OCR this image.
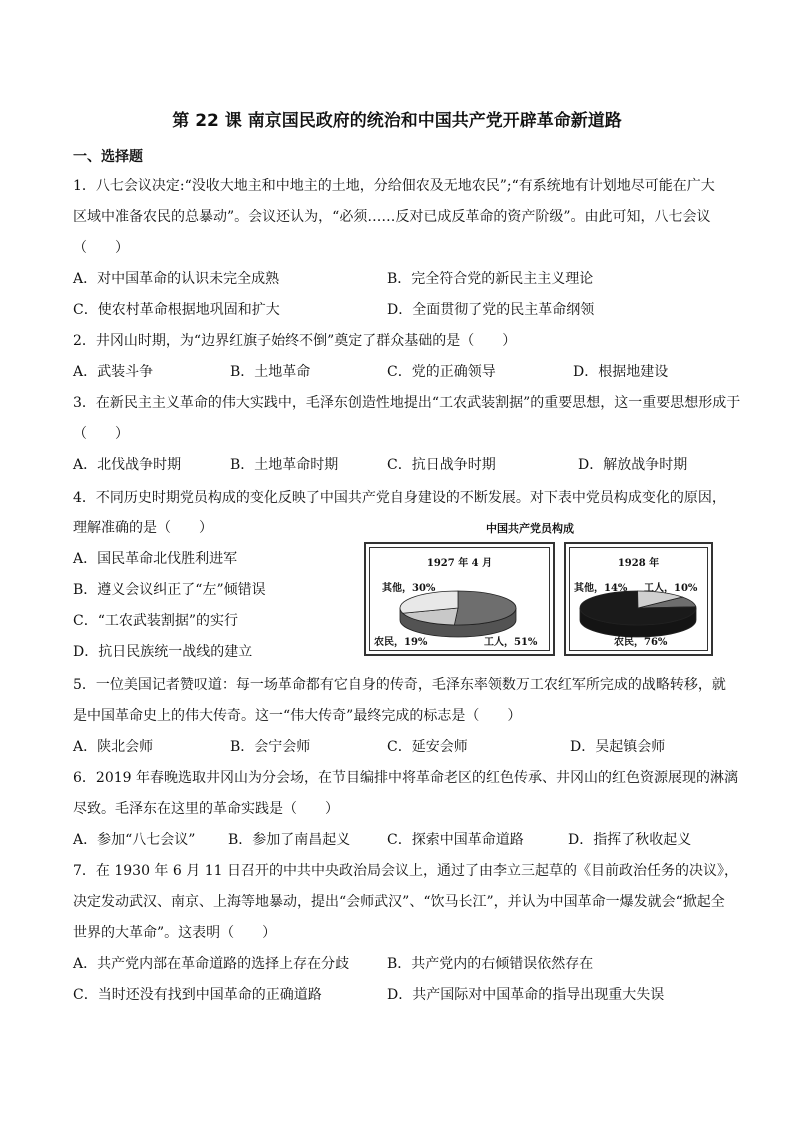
第 22 课 南京国民政府的统治和中国共产党开辟革命新道路
一、选择题
1．八七会议决定:“没收大地主和中地主的土地，分给佃农及无地农民”;“有系统地有计划地尽可能在广大
区域中准备农民的总暴动”。会议还认为，“必须……反对已成反革命的资产阶级”。由此可知，八七会议
（　　）
A．对中国革命的认识未完全成熟	B．完全符合党的新民主主义理论
C．使农村革命根据地巩固和扩大	D．全面贯彻了党的民主革命纲领
2．井冈山时期，为“边界红旗子始终不倒”奠定了群众基础的是（　　）
A．武装斗争	B．土地革命	C．党的正确领导	D．根据地建设
3．在新民主主义革命的伟大实践中，毛泽东创造性地提出“工农武装割据”的重要思想，这一重要思想形成于
（　　）
A．北伐战争时期	B．土地革命时期	C．抗日战争时期	D．解放战争时期
4．不同历史时期党员构成的变化反映了中国共产党自身建设的不断发展。对下表中党员构成变化的原因，
理解准确的是（　　）
A．国民革命北伐胜利进军
B．遵义会议纠正了“左”倾错误
C．“工农武装割据”的实行
D．抗日民族统一战线的建立
中国共产党员构成
1927 年 4 月
其他，30%
农民，19%	工人，51%
1928 年
其他，14% 工人，10%
农民，76%
5．一位美国记者赞叹道：每一场革命都有它自身的传奇，毛泽东率领数万工农红军所完成的战略转移，就
是中国革命史上的伟大传奇。这一“伟大传奇”最终完成的标志是（　　）
A．陕北会师	B．会宁会师	C．延安会师	D．吴起镇会师
6．2019 年春晚选取井冈山为分会场，在节目编排中将革命老区的红色传承、井冈山的红色资源展现的淋漓
尽致。毛泽东在这里的革命实践是（　　）
A．参加“八七会议” B．参加了南昌起义	C．探索中国革命道路	D．指挥了秋收起义
7．在 1930 年 6 月 11 日召开的中共中央政治局会议上，通过了由李立三起草的《目前政治任务的决议》，
决定发动武汉、南京、上海等地暴动，提出“会师武汉”、“饮马长江”，并认为中国革命一爆发就会“掀起全
世界的大革命”。这表明（　　）
A．共产党内部在革命道路的选择上存在分歧	B．共产党内的右倾错误依然存在
C．当时还没有找到中国革命的正确道路	D．共产国际对中国革命的指导出现重大失误
